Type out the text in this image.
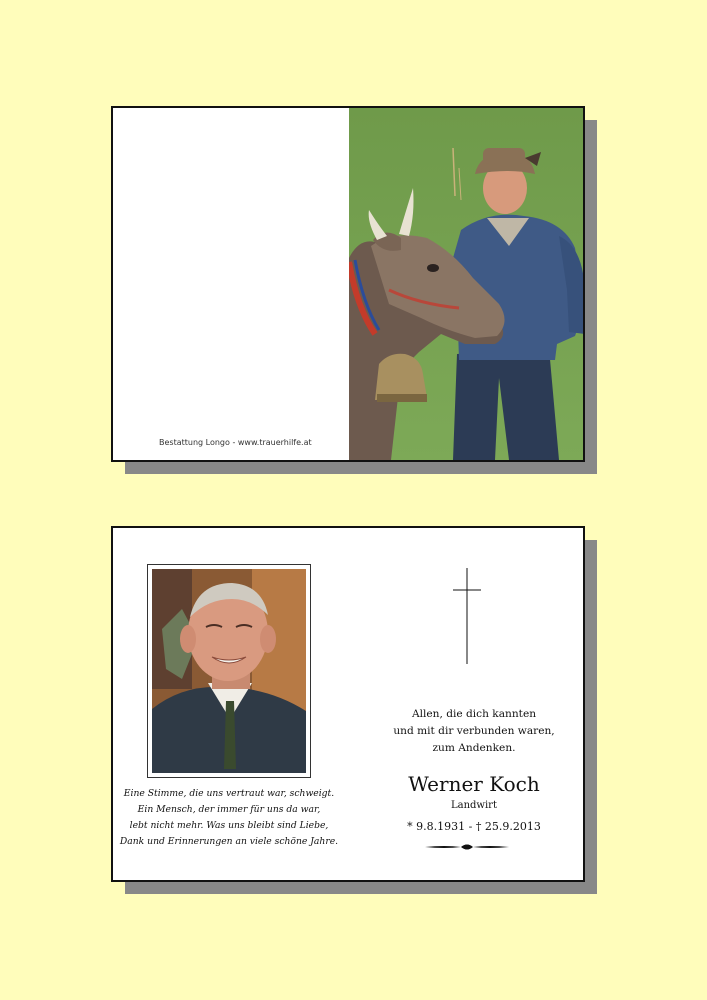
Bestattung Longo - www.trauerhilfe.at
Eine Stimme, die uns vertraut war, schweigt.
Ein Mensch, der immer für uns da war,
lebt nicht mehr. Was uns bleibt sind Liebe,
Dank und Erinnerungen an viele schöne Jahre.
Allen, die dich kannten
und mit dir verbunden waren,
zum Andenken.
Werner Koch
Landwirt
* 9.8.1931 - † 25.9.2013
